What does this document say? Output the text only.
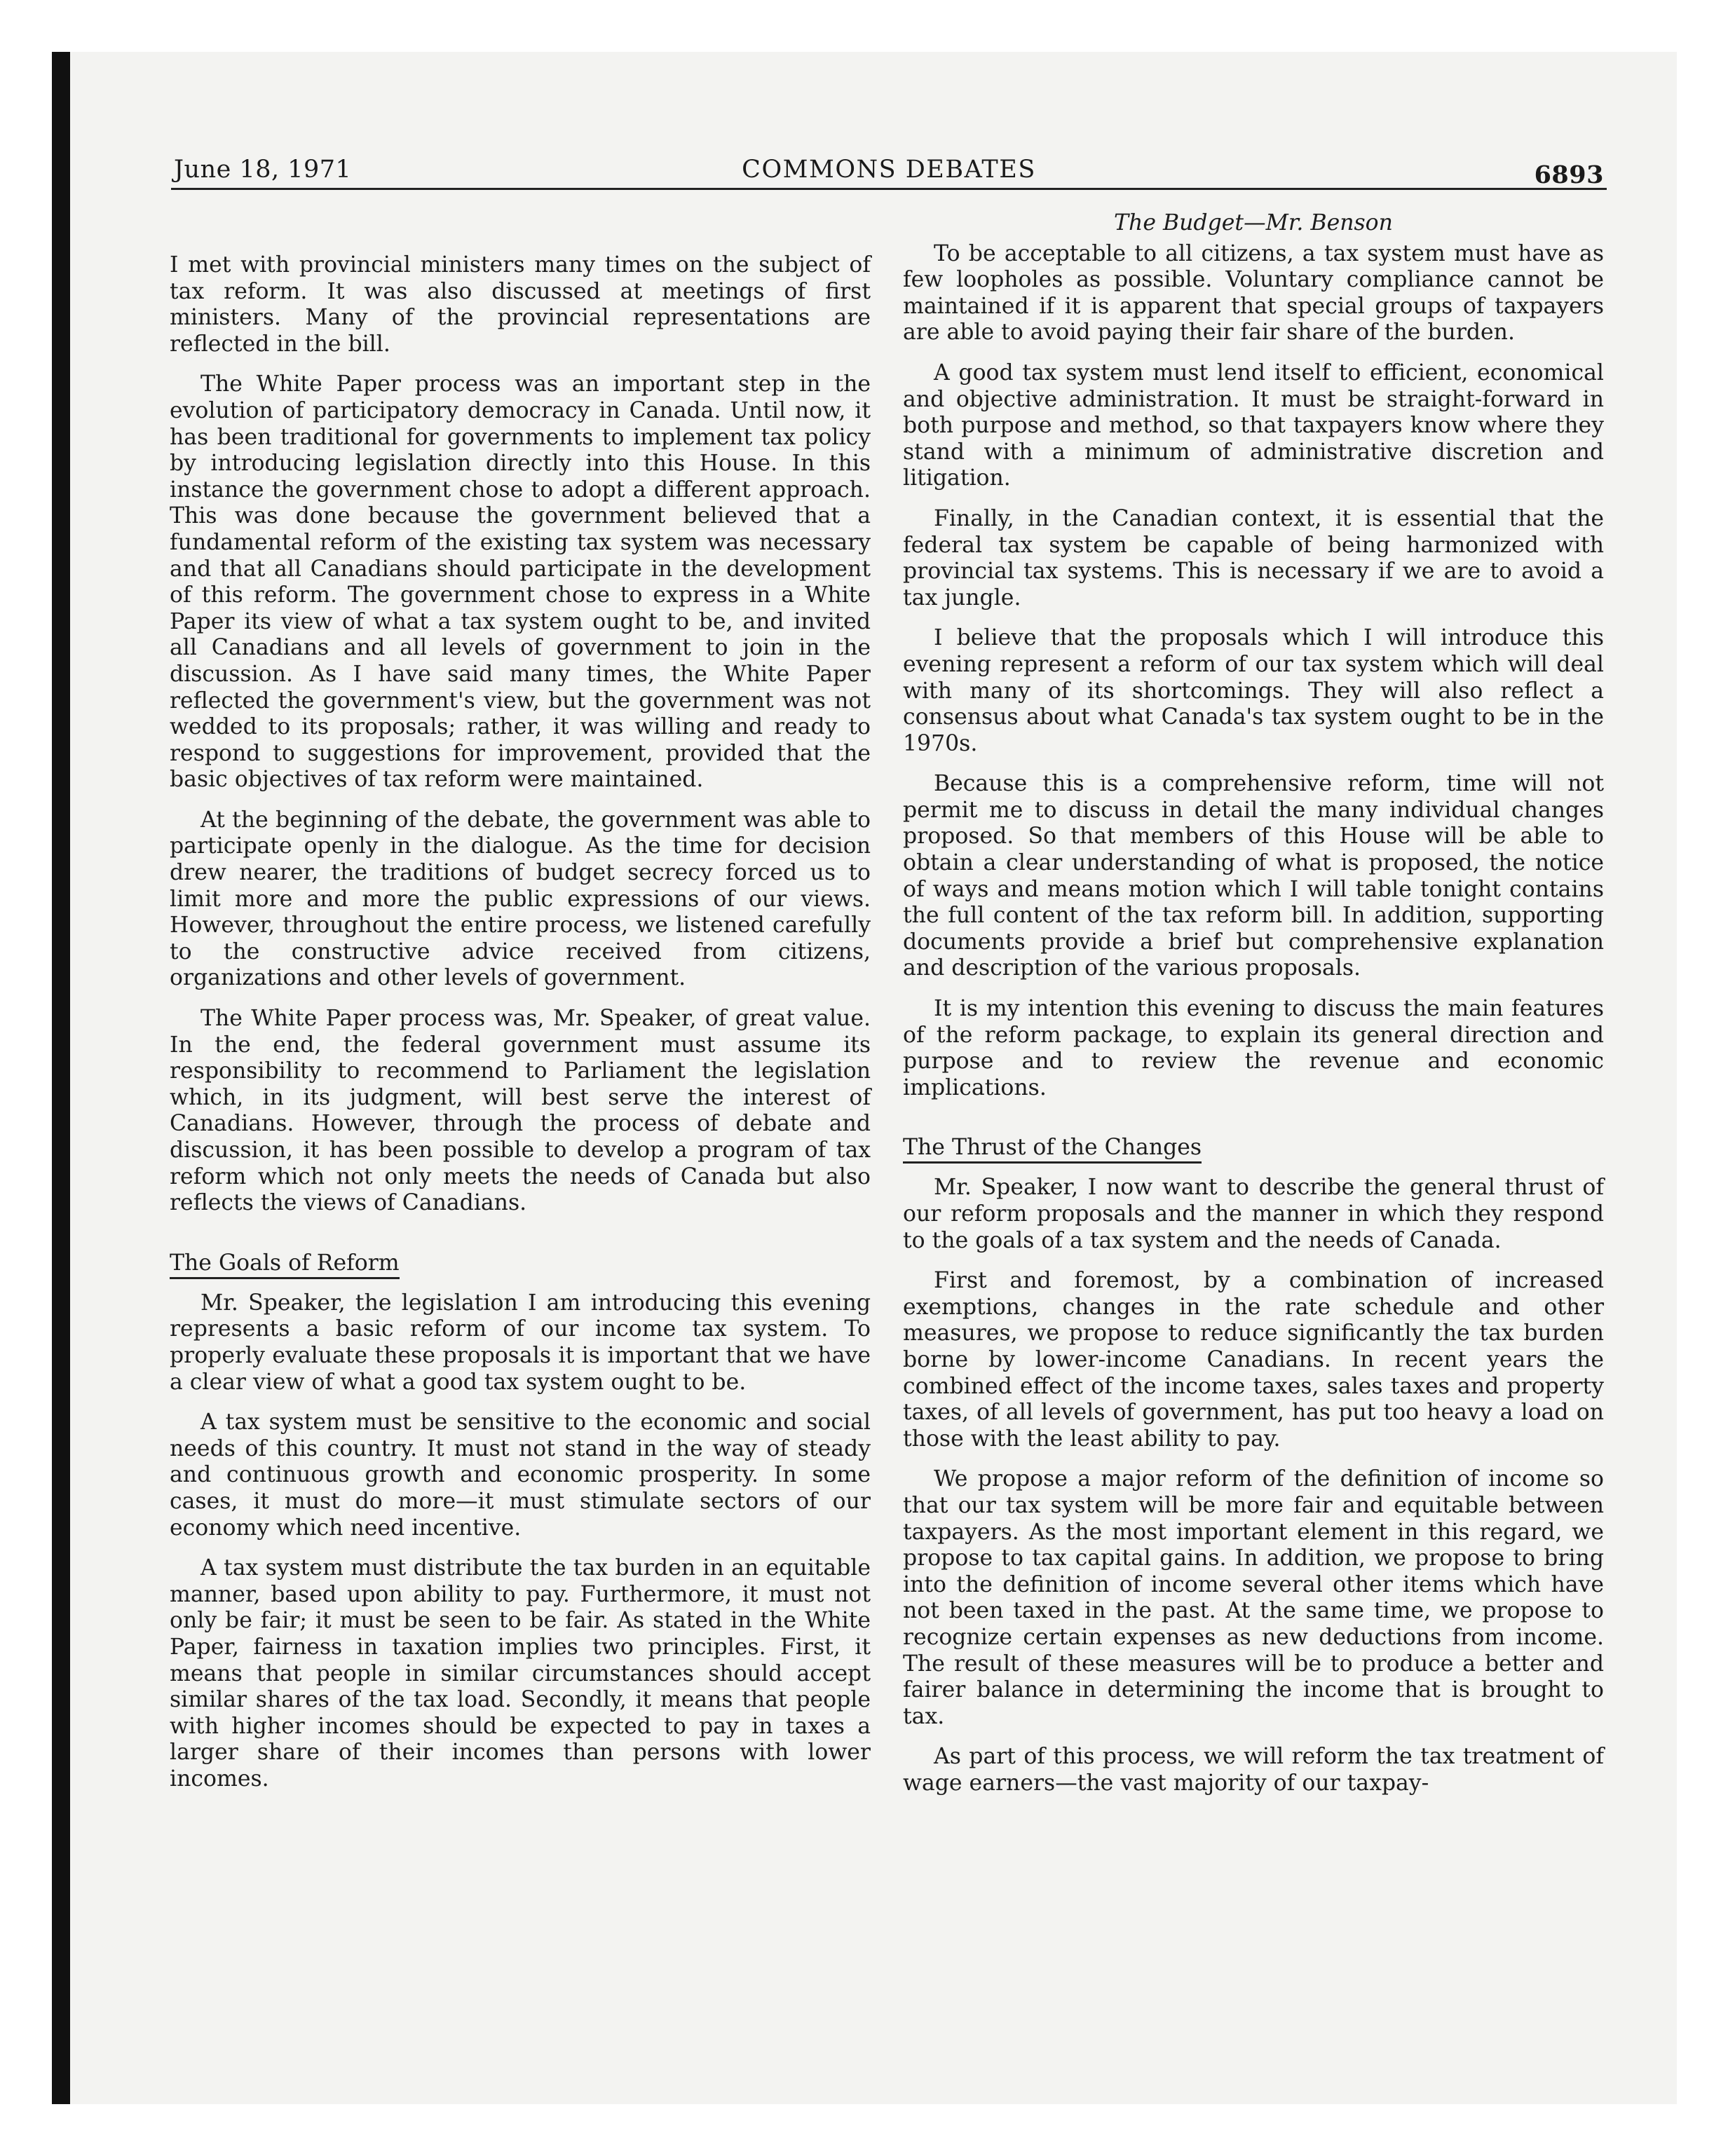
June 18, 1971	COMMONS DEBATES	6893

I met with provincial ministers many times on the subject of tax reform. It was also discussed at meetings of first ministers. Many of the provincial representations are reflected in the bill.

The White Paper process was an important step in the evolution of participatory democracy in Canada. Until now, it has been traditional for governments to implement tax policy by introducing legislation directly into this House. In this instance the government chose to adopt a different approach. This was done because the government believed that a fundamental reform of the existing tax system was necessary and that all Canadians should participate in the development of this reform. The government chose to express in a White Paper its view of what a tax system ought to be, and invited all Canadians and all levels of government to join in the discussion. As I have said many times, the White Paper reflected the government's view, but the government was not wedded to its proposals; rather, it was willing and ready to respond to suggestions for improvement, provided that the basic objectives of tax reform were maintained.

At the beginning of the debate, the government was able to participate openly in the dialogue. As the time for decision drew nearer, the traditions of budget secrecy forced us to limit more and more the public expressions of our views. However, throughout the entire process, we listened carefully to the constructive advice received from citizens, organizations and other levels of government.

The White Paper process was, Mr. Speaker, of great value. In the end, the federal government must assume its responsibility to recommend to Parliament the legislation which, in its judgment, will best serve the interest of Canadians. However, through the process of debate and discussion, it has been possible to develop a program of tax reform which not only meets the needs of Canada but also reflects the views of Canadians.

The Goals of Reform

Mr. Speaker, the legislation I am introducing this evening represents a basic reform of our income tax system. To properly evaluate these proposals it is important that we have a clear view of what a good tax system ought to be.

A tax system must be sensitive to the economic and social needs of this country. It must not stand in the way of steady and continuous growth and economic prosperity. In some cases, it must do more—it must stimulate sectors of our economy which need incentive.

A tax system must distribute the tax burden in an equitable manner, based upon ability to pay. Furthermore, it must not only be fair; it must be seen to be fair. As stated in the White Paper, fairness in taxation implies two principles. First, it means that people in similar circumstances should accept similar shares of the tax load. Secondly, it means that people with higher incomes should be expected to pay in taxes a larger share of their incomes than persons with lower incomes.

The Budget—Mr. Benson

To be acceptable to all citizens, a tax system must have as few loopholes as possible. Voluntary compliance cannot be maintained if it is apparent that special groups of taxpayers are able to avoid paying their fair share of the burden.

A good tax system must lend itself to efficient, economical and objective administration. It must be straight-forward in both purpose and method, so that taxpayers know where they stand with a minimum of administrative discretion and litigation.

Finally, in the Canadian context, it is essential that the federal tax system be capable of being harmonized with provincial tax systems. This is necessary if we are to avoid a tax jungle.

I believe that the proposals which I will introduce this evening represent a reform of our tax system which will deal with many of its shortcomings. They will also reflect a consensus about what Canada's tax system ought to be in the 1970s.

Because this is a comprehensive reform, time will not permit me to discuss in detail the many individual changes proposed. So that members of this House will be able to obtain a clear understanding of what is proposed, the notice of ways and means motion which I will table tonight contains the full content of the tax reform bill. In addition, supporting documents provide a brief but comprehensive explanation and description of the various proposals.

It is my intention this evening to discuss the main features of the reform package, to explain its general direction and purpose and to review the revenue and economic implications.

The Thrust of the Changes

Mr. Speaker, I now want to describe the general thrust of our reform proposals and the manner in which they respond to the goals of a tax system and the needs of Canada.

First and foremost, by a combination of increased exemptions, changes in the rate schedule and other measures, we propose to reduce significantly the tax burden borne by lower-income Canadians. In recent years the combined effect of the income taxes, sales taxes and property taxes, of all levels of government, has put too heavy a load on those with the least ability to pay.

We propose a major reform of the definition of income so that our tax system will be more fair and equitable between taxpayers. As the most important element in this regard, we propose to tax capital gains. In addition, we propose to bring into the definition of income several other items which have not been taxed in the past. At the same time, we propose to recognize certain expenses as new deductions from income. The result of these measures will be to produce a better and fairer balance in determining the income that is brought to tax.

As part of this process, we will reform the tax treatment of wage earners—the vast majority of our taxpay-
